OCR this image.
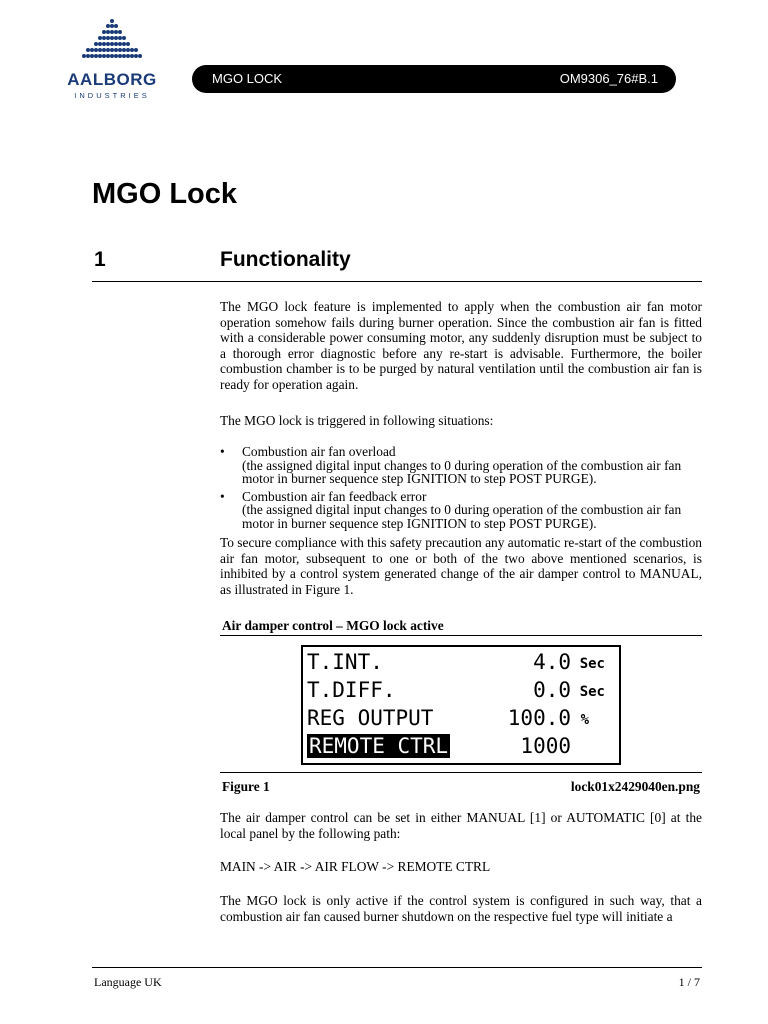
AALBORG
INDUSTRIES
MGO LOCK	OM9306_76#B.1
MGO Lock
1	Functionality
The MGO lock feature is implemented to apply when the combustion air fan motor operation somehow fails during burner operation. Since the combustion air fan is fitted with a considerable power consuming motor, any suddenly disruption must be subject to a thorough error diagnostic before any re-start is advisable. Furthermore, the boiler combustion chamber is to be purged by natural ventilation until the combustion air fan is ready for operation again.
The MGO lock is triggered in following situations:
• Combustion air fan overload
(the assigned digital input changes to 0 during operation of the combustion air fan motor in burner sequence step IGNITION to step POST PURGE).
• Combustion air fan feedback error
(the assigned digital input changes to 0 during operation of the combustion air fan motor in burner sequence step IGNITION to step POST PURGE).
To secure compliance with this safety precaution any automatic re-start of the combustion air fan motor, subsequent to one or both of the two above mentioned scenarios, is inhibited by a control system generated change of the air damper control to MANUAL, as illustrated in Figure 1.
Air damper control – MGO lock active
T.INT.	4.0 Sec
T.DIFF.	0.0 Sec
REG OUTPUT	100.0 %
REMOTE CTRL	1000
Figure 1	lock01x2429040en.png
The air damper control can be set in either MANUAL [1] or AUTOMATIC [0] at the local panel by the following path:
MAIN -> AIR -> AIR FLOW -> REMOTE CTRL
The MGO lock is only active if the control system is configured in such way, that a combustion air fan caused burner shutdown on the respective fuel type will initiate a
Language UK	1 / 7
